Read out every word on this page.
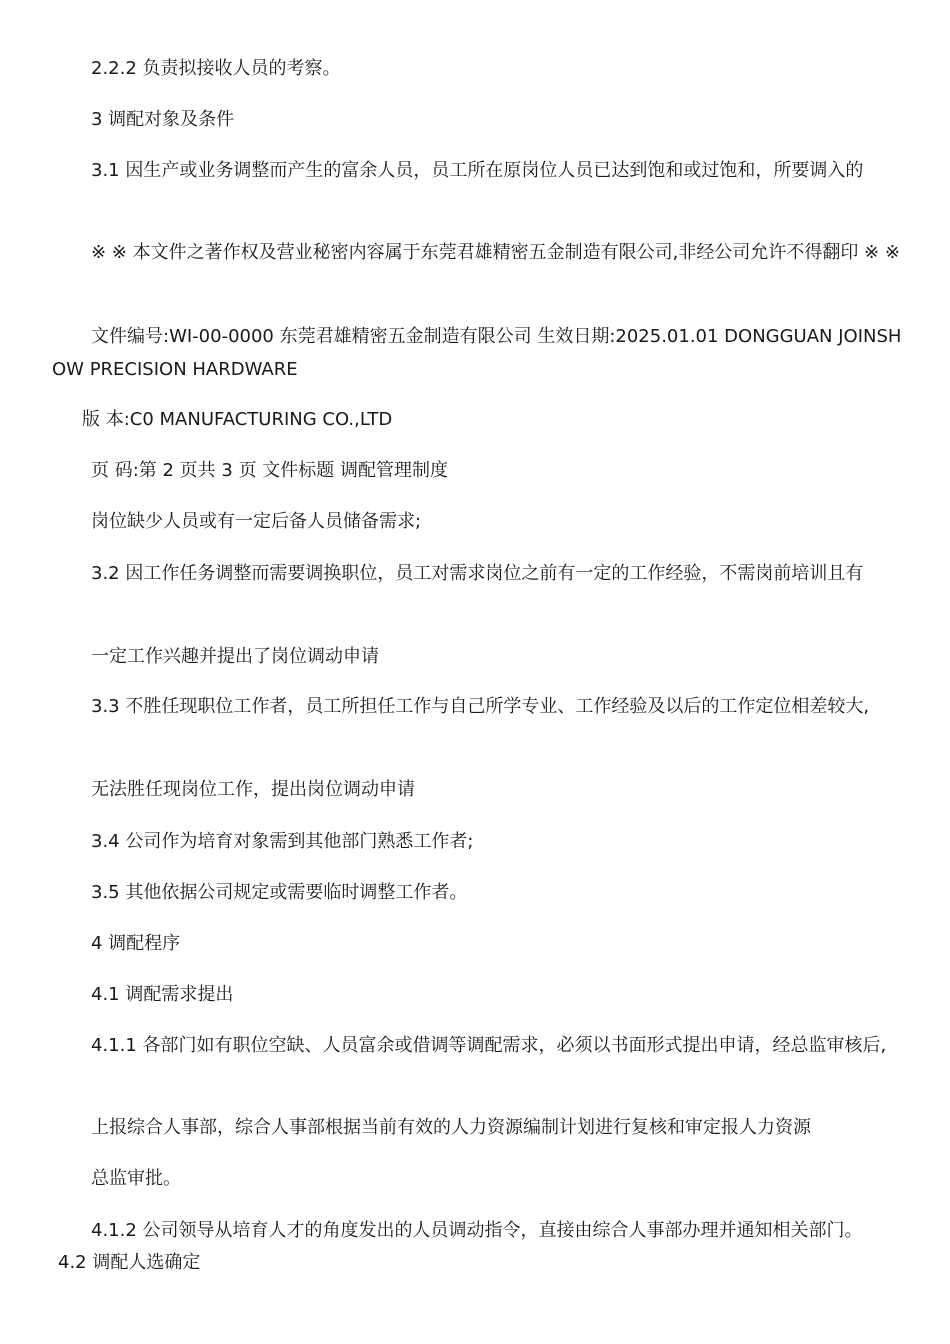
2.2.2 负责拟接收人员的考察。

3 调配对象及条件

3.1 因生产或业务调整而产生的富余人员，员工所在原岗位人员已达到饱和或过饱和，所要调入的

※ ※ 本文件之著作权及营业秘密内容属于东莞君雄精密五金制造有限公司,非经公司允许不得翻印 ※ ※

文件编号:WI-00-0000 东莞君雄精密五金制造有限公司 生效日期:2025.01.01 DONGGUAN JOINSHOW PRECISION HARDWARE

版 本:C0 MANUFACTURING CO.,LTD

页 码:第 2 页共 3 页 文件标题 调配管理制度

岗位缺少人员或有一定后备人员储备需求;

3.2 因工作任务调整而需要调换职位，员工对需求岗位之前有一定的工作经验，不需岗前培训且有

一定工作兴趣并提出了岗位调动申请

3.3 不胜任现职位工作者，员工所担任工作与自己所学专业、工作经验及以后的工作定位相差较大,

无法胜任现岗位工作，提出岗位调动申请

3.4 公司作为培育对象需到其他部门熟悉工作者;

3.5 其他依据公司规定或需要临时调整工作者。

4 调配程序

4.1 调配需求提出

4.1.1 各部门如有职位空缺、人员富余或借调等调配需求，必须以书面形式提出申请，经总监审核后,

上报综合人事部，综合人事部根据当前有效的人力资源编制计划进行复核和审定报人力资源

总监审批。

4.1.2 公司领导从培育人才的角度发出的人员调动指令，直接由综合人事部办理并通知相关部门。

4.2 调配人选确定
